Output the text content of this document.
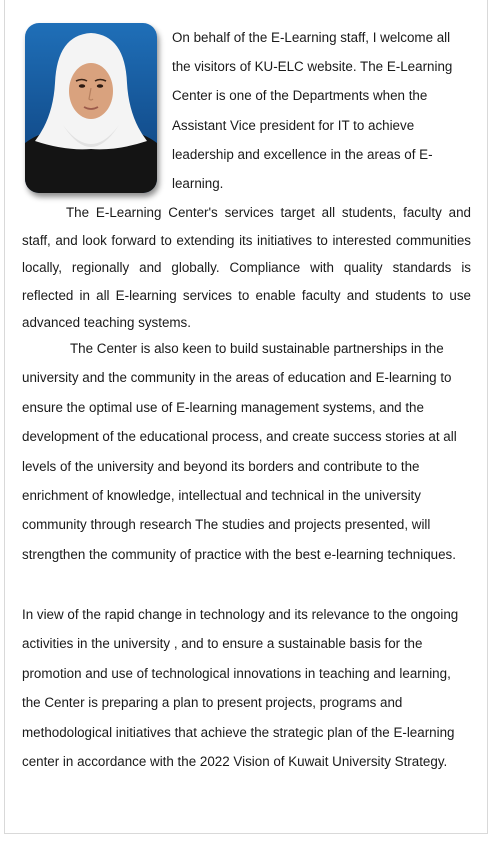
On behalf of the E-Learning staff, I welcome all the visitors of KU-ELC website. The E-Learning Center is one of the Departments when the Assistant Vice president for IT to achieve leadership and excellence in the areas of E-learning.

The E-Learning Center's services target all students, faculty and staff, and look forward to extending its initiatives to interested communities locally, regionally and globally. Compliance with quality standards is reflected in all E-learning services to enable faculty and students to use advanced teaching systems.

The Center is also keen to build sustainable partnerships in the university and the community in the areas of education and E-learning to ensure the optimal use of E-learning management systems, and the development of the educational process, and create success stories at all levels of the university and beyond its borders and contribute to the enrichment of knowledge, intellectual and technical in the university community through research The studies and projects presented, will strengthen the community of practice with the best e-learning techniques.

In view of the rapid change in technology and its relevance to the ongoing activities in the university , and to ensure a sustainable basis for the promotion and use of technological innovations in teaching and learning, the Center is preparing a plan to present projects, programs and methodological initiatives that achieve the strategic plan of the E-learning center in accordance with the 2022 Vision of Kuwait University Strategy.
